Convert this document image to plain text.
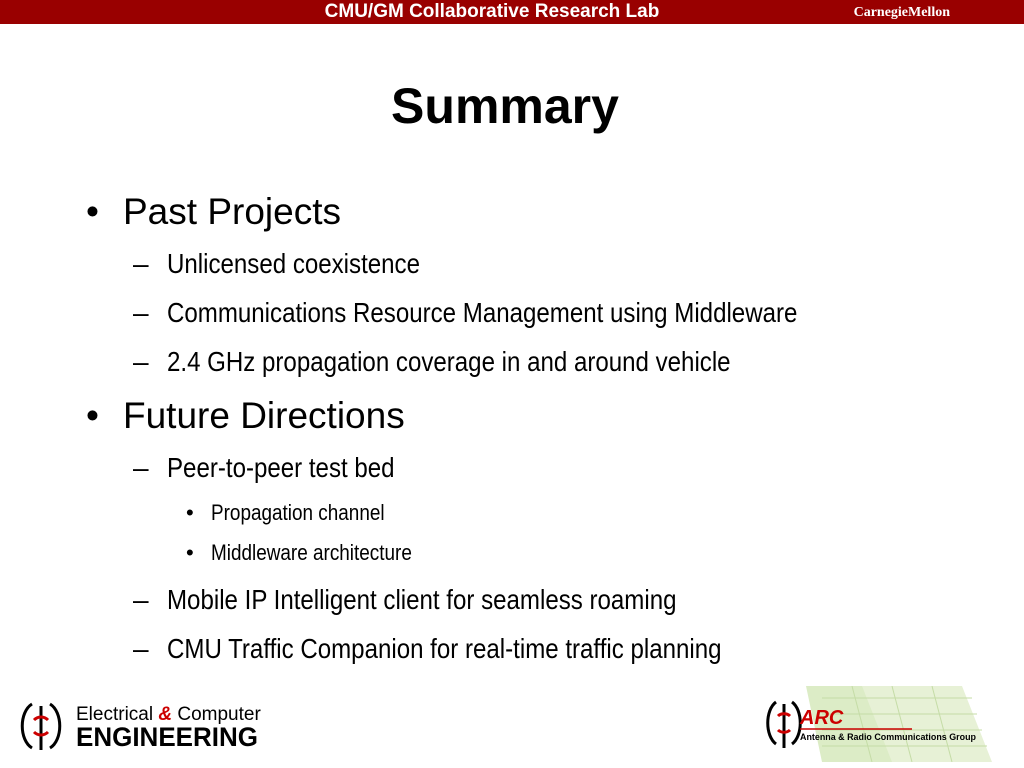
CMU/GM Collaborative Research Lab	CarnegieMellon
Summary
• Past Projects
– Unlicensed coexistence
– Communications Resource Management using Middleware
– 2.4 GHz propagation coverage in and around vehicle
• Future Directions
– Peer-to-peer test bed
• Propagation channel
• Middleware architecture
– Mobile IP Intelligent client for seamless roaming
– CMU Traffic Companion for real-time traffic planning
Electrical & Computer
ENGINEERING
ARC
Antenna & Radio Communications Group
